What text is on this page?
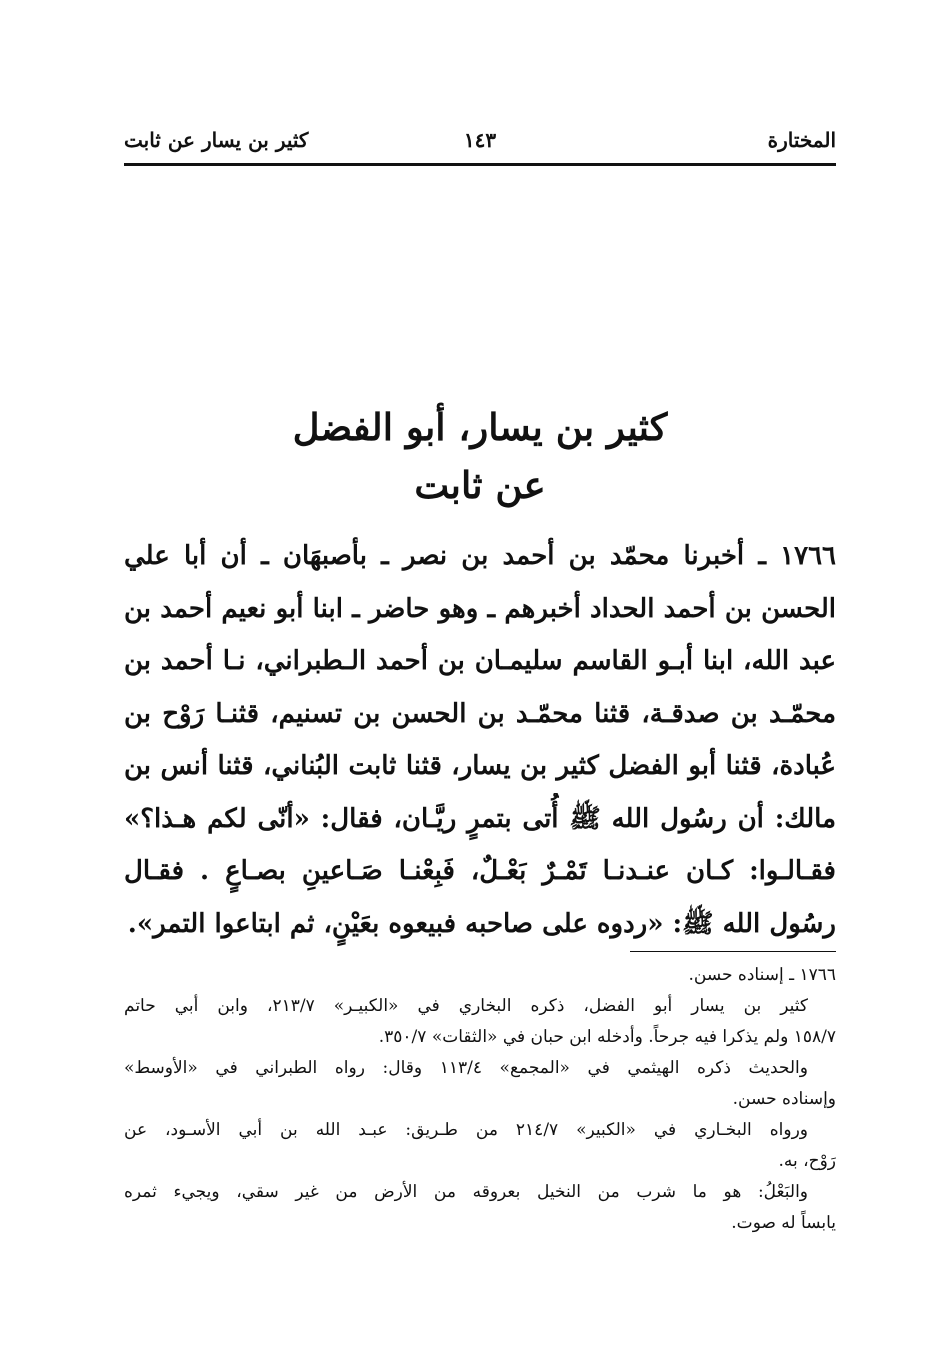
المختارة
١٤٣
كثير بن يسار عن ثابت
كثير بن يسار، أبو الفضل
عن ثابت
١٧٦٦ ـ أخبرنا محمّد بن أحمد بن نصر ـ بأصبهَان ـ أن أبا علي
الحسن بن أحمد الحداد أخبرهم ـ وهو حاضر ـ ابنا أبو نعيم أحمد بن
عبد الله، ابنا أبـو القاسم سليمـان بن أحمد الـطبراني، نـا أحمد بن
محمّـد بن صدقـة، قثنا محمّـد بن الحسن بن تسنيم، قثنـا رَوْح بن
عُبادة، قثنا أبو الفضل كثير بن يسار، قثنا ثابت البُناني، قثنا أنس بن
مالك: أن رسُول الله ﷺ أُتى بتمرٍ ريَّـان، فقال: «أنّى لكم هـذا؟»
فقـالـوا: كـان عنـدنـا تَمْـرٌ بَعْـلٌ، فَبِعْنـا صَـاعينِ بصـاعٍ . فقـال
رسُول الله ﷺ: «ردوه على صاحبه فبيعوه بعَيْنٍ، ثم ابتاعوا التمر».
١٧٦٦ ـ إسناده حسن.
كثير بن يسار أبو الفضل، ذكره البخاري في «الكبيـر» ٢١٣/٧، وابن أبي حاتم
١٥٨/٧ ولم يذكرا فيه جرحاً. وأدخله ابن حبان في «الثقات» ٣٥٠/٧.
والحديث ذكره الهيثمي في «المجمع» ١١٣/٤ وقال: رواه الطبراني في «الأوسط»
وإسناده حسن.
ورواه البخـاري في «الكبير» ٢١٤/٧ من طـريق: عبـد الله بن أبي الأسـود، عن
رَوْح، به.
والبَعْلُ: هو ما شرب من النخيل بعروقه من الأرض من غير سقي، ويجيء ثمره
يابساً له صوت.
